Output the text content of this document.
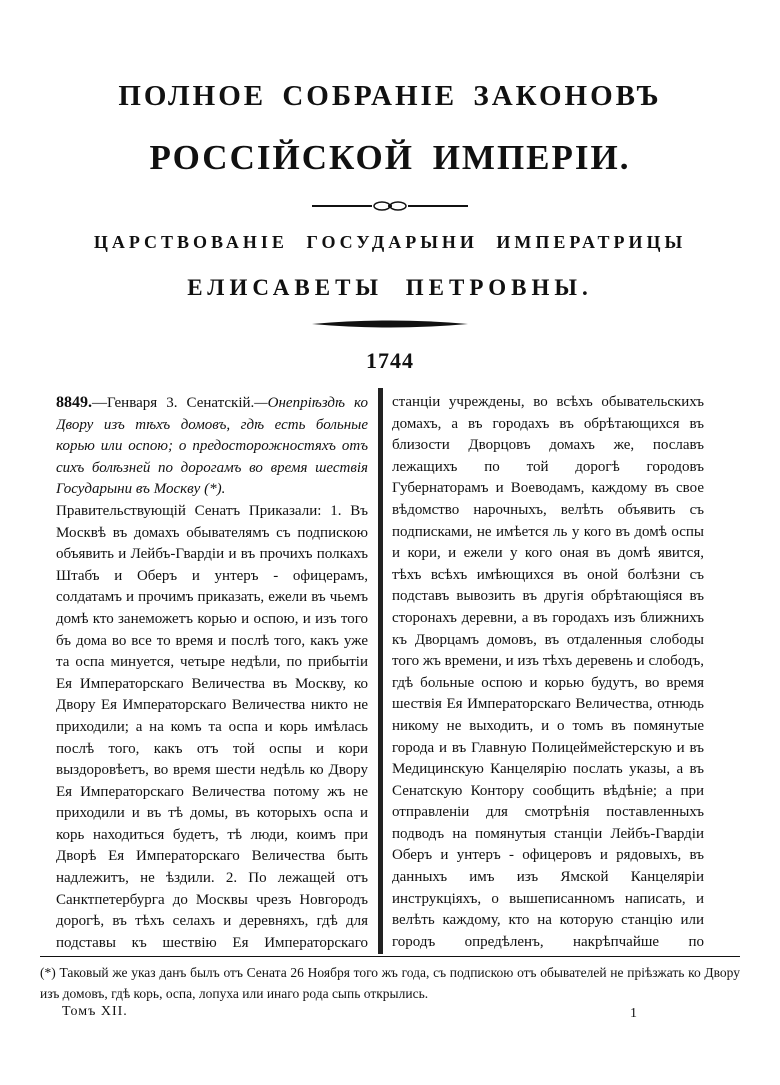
ПОЛНОЕ СОБРАНІЕ ЗАКОНОВЪ
РОССІЙСКОЙ ИМПЕРІИ.
ЦАРСТВОВАНІЕ ГОСУДАРЫНИ ИМПЕРАТРИЦЫ
ЕЛИСАВЕТЫ ПЕТРОВНЫ.
1744

8849.—Генваря 3. Сенатскій.—Онепріѣздѣ ко Двору изъ тѣхъ домовъ, гдѣ есть больные корью или оспою; о предосторожностяхъ отъ сихъ болѣзней по дорогамъ во время шествія Государыни въ Москву (*).

Правительствующій Сенатъ Приказали: 1. Въ Москвѣ въ домахъ обывателямъ съ подпискою объявить и Лейбъ-Гвардіи и въ прочихъ полкахъ Штабъ и Оберъ и унтеръ - офицерамъ, солдатамъ и прочимъ приказать, ежели въ чьемъ домѣ кто занеможетъ корью и оспою, и изъ того бъ дома во все то время и послѣ того, какъ уже та оспа минуется, четыре недѣли, по прибытіи Ея Императорскаго Величества въ Москву, ко Двору Ея Императорскаго Величества никто не приходили; а на комъ та оспа и корь имѣлась послѣ того, какъ отъ той оспы и кори выздоровѣетъ, во время шести недѣль ко Двору Ея Императорскаго Величества потому жъ не приходили и въ тѣ домы, въ которыхъ оспа и корь находиться будетъ, тѣ люди, коимъ при Дворѣ Ея Императорскаго Величества быть надлежитъ, не ѣздили. 2. По лежащей отъ Санктпетербурга до Москвы чрезъ Новгородъ дорогѣ, въ тѣхъ селахъ и деревняхъ, гдѣ для подставы къ шествію Ея Императорскаго

станціи учреждены, во всѣхъ обывательскихъ домахъ, а въ городахъ въ обрѣтающихся въ близости Дворцовъ домахъ же, пославъ лежащихъ по той дорогѣ городовъ Губернаторамъ и Воеводамъ, каждому въ свое вѣдомство нарочныхъ, велѣть объявить съ подписками, не имѣется ль у кого въ домѣ оспы и кори, и ежели у кого оная въ домѣ явится, тѣхъ всѣхъ имѣющихся въ оной болѣзни съ подставъ вывозить въ другія обрѣтающіяся въ сторонахъ деревни, а въ городахъ изъ ближнихъ къ Дворцамъ домовъ, въ отдаленныя слободы того жъ времени, и изъ тѣхъ деревень и слободъ, гдѣ больные оспою и корью будутъ, во время шествія Ея Императорскаго Величества, отнюдь никому не выходить, и о томъ въ помянутые города и въ Главную Полицеймейстерскую и въ Медицинскую Канцелярію послать указы, а въ Сенатскую Контору сообщить вѣдѣніе; а при отправленіи для смотрѣнія поставленныхъ подводъ на помянутыя станціи Лейбъ-Гвардіи Оберъ и унтеръ - офицеровъ и рядовыхъ, въ данныхъ имъ изъ Ямской Канцеляріи инструкціяхъ, о вышеписанномъ написать, и велѣть каждому, кто на которую станцію или городъ опредѣленъ, накрѣпчайше по

(*) Таковый же указ данъ былъ отъ Сената 26 Ноября того жъ года, съ подпискою отъ обывателей не пріѣзжать ко Двору изъ домовъ, гдѣ корь, оспа, лопуха или инаго рода сыпь открылись.
Томъ XII.	1
